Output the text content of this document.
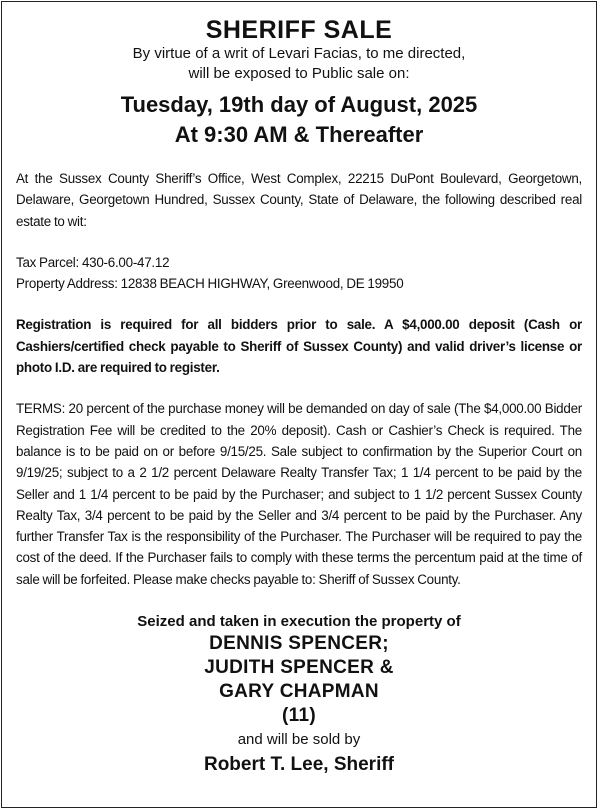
SHERIFF SALE
By virtue of a writ of Levari Facias, to me directed,
will be exposed to Public sale on:
Tuesday, 19th day of August, 2025
At 9:30 AM & Thereafter
At the Sussex County Sheriff’s Office, West Complex, 22215 DuPont Boulevard, Georgetown, Delaware, Georgetown Hundred, Sussex County, State of Delaware, the following described real estate to wit:
Tax Parcel: 430-6.00-47.12
Property Address: 12838 BEACH HIGHWAY, Greenwood, DE 19950
Registration is required for all bidders prior to sale. A $4,000.00 deposit (Cash or Cashiers/certified check payable to Sheriff of Sussex County) and valid driver’s license or photo I.D. are required to register.
TERMS: 20 percent of the purchase money will be demanded on day of sale (The $4,000.00 Bidder Registration Fee will be credited to the 20% deposit). Cash or Cashier’s Check is required. The balance is to be paid on or before 9/15/25. Sale subject to confirmation by the Superior Court on 9/19/25; subject to a 2 1/2 percent Delaware Realty Transfer Tax; 1 1/4 percent to be paid by the Seller and 1 1/4 percent to be paid by the Purchaser; and subject to 1 1/2 percent Sussex County Realty Tax, 3/4 percent to be paid by the Seller and 3/4 percent to be paid by the Purchaser. Any further Transfer Tax is the responsibility of the Purchaser. The Purchaser will be required to pay the cost of the deed. If the Purchaser fails to comply with these terms the percentum paid at the time of sale will be forfeited. Please make checks payable to: Sheriff of Sussex County.
Seized and taken in execution the property of
DENNIS SPENCER;
JUDITH SPENCER &
GARY CHAPMAN
(11)
and will be sold by
Robert T. Lee, Sheriff
